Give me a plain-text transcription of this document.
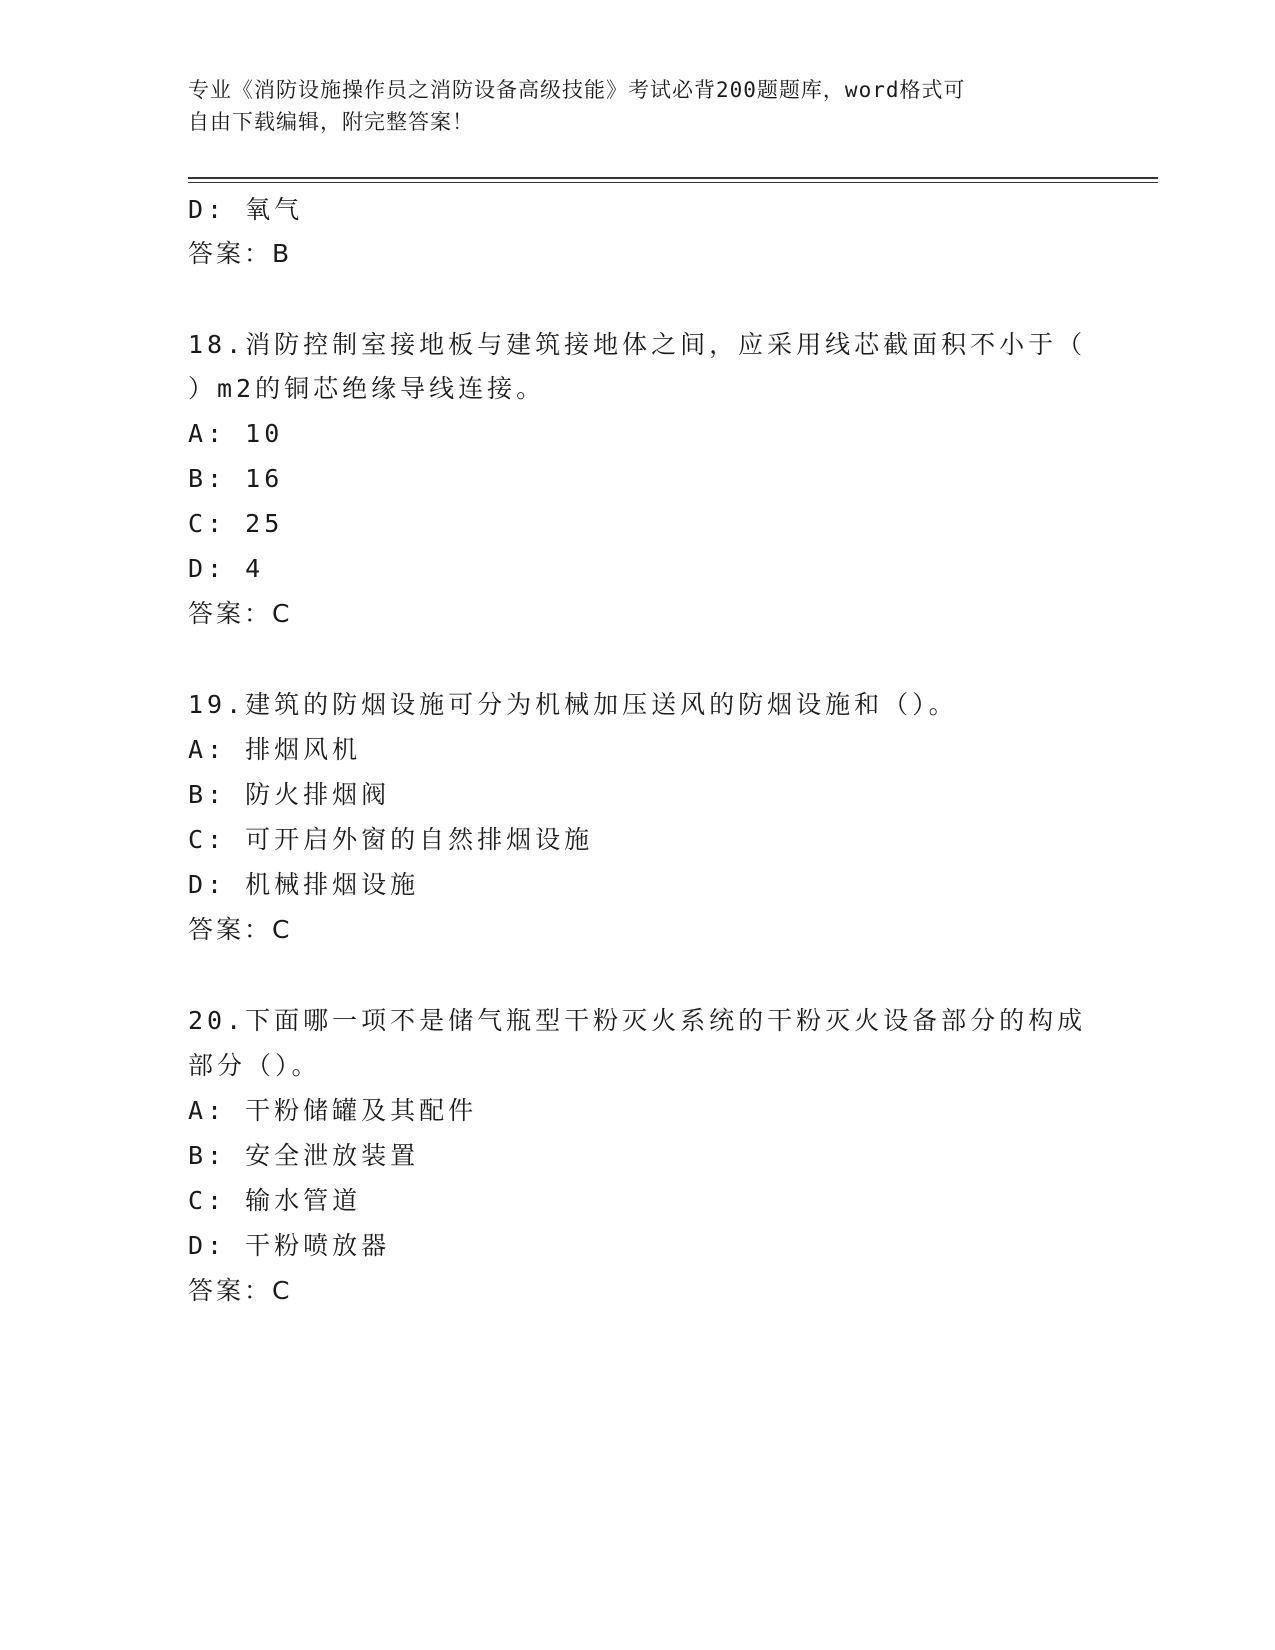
专业《消防设施操作员之消防设备高级技能》考试必背200题题库，word格式可
自由下载编辑，附完整答案！
D: 氧气
答案：B
18.消防控制室接地板与建筑接地体之间，应采用线芯截面积不小于（
）m2的铜芯绝缘导线连接。
A: 10
B: 16
C: 25
D: 4
答案：C
19.建筑的防烟设施可分为机械加压送风的防烟设施和（）。
A: 排烟风机
B: 防火排烟阀
C: 可开启外窗的自然排烟设施
D: 机械排烟设施
答案：C
20.下面哪一项不是储气瓶型干粉灭火系统的干粉灭火设备部分的构成
部分（）。
A: 干粉储罐及其配件
B: 安全泄放装置
C: 输水管道
D: 干粉喷放器
答案：C
